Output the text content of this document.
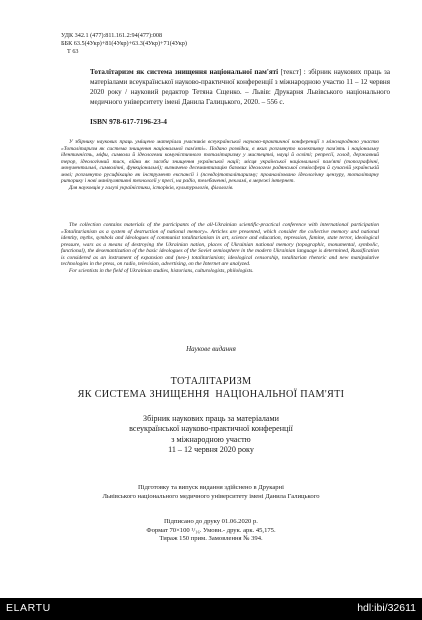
УДК 342.1 (477):811.161.2:94(477):008
ББК 63.5(4Укр)+81(4Укр)+63.3(4Укр)+71(4Укр)
Т 63
Тоталітаризм як система знищення національної пам'яті [текст] : збірник наукових праць за матеріалами всеукраїнської науково-практичної конференції з міжнародною участю 11 – 12 червня 2020 року / науковий редактор Тетяна Сщенко. – Львів: Друкарня Львівського національного медичного університету імені Данила Галицького, 2020. – 556 с.
ISBN 978-617-7196-23-4

У збірнику наукових праць уміщено матеріали учасників всеукраїнської науково-практичної конференції з міжнародною участю «Тоталітаризм як система знищення національної пам'яті». Подано розвідки, в яких розглянуто колективну пам'ять і національну ідентичність, міфи, символи й ідеологеми комуністичного тоталітаризму у мистецтві, науці й освіті; репресії, голод, державний терор, ідеологічний тиск, війни як засоби знищення української нації; місця української національної пам'яті (топографічні, монументальні, символічні, функціональні); визначено десемантизацію базових ідеологем радянської семіосфери й сучасній українській мові; розглянуто русифікацію як інструмент експансії і (псевдо)тоталітаризму; проаналізовано ідеологічну цензуру, тоталітарну риторику і нові маніпулятивні технології у пресі, на радіо, телебаченні, рекламі, в мережі інтернет.

Для науковців у галузі україністики, історіків, культурологів, філологів.

The collection contains materials of the participants of the all-Ukrainian scientific-practical conference with international participation «Totalitarianism as a system of destruction of national memory». Articles are presented, which consider the collective memory and national identity, myths, symbols and ideologues of communist totalitarianism in art, science and education, repression, famine, state terror, ideological pressure, wars as a means of destroying the Ukrainian nation, places of Ukrainian national memory (topographic, monumental, symbolic, functional), the desemantization of the basic ideologues of the Soviet semiosphere in the modern Ukrainian language is determined, Russification is considered as an instrument of expansion and (neo-) totalitarianism; ideological censorship, totalitarian rhetoric and new manipulative technologies in the press, on radio, television, advertising, on the Internet are analyzed.

For scientists in the field of Ukrainian studies, historians, culturologists, philologists.

Наукове видання
ТОТАЛІТАРИЗМ
ЯК СИСТЕМА ЗНИЩЕННЯ  НАЦІОНАЛЬНОЇ ПАМ'ЯТІ
Збірник наукових праць за матеріалами
всеукраїнської науково-практичної конференції
з міжнародною участю
11 – 12 червня 2020 року
Підготовку та випуск видання здійснено в Друкарні
Львівського національного медичного університету імені Данила Галицького
Підписано до друку 01.06.2020 р.
Формат 70×100 ¹/₁₆. Умовн.- друк. арк. 45,175.
Тираж 150 прим. Замовлення № 394.
ELARTU	hdl:ibi/32611
